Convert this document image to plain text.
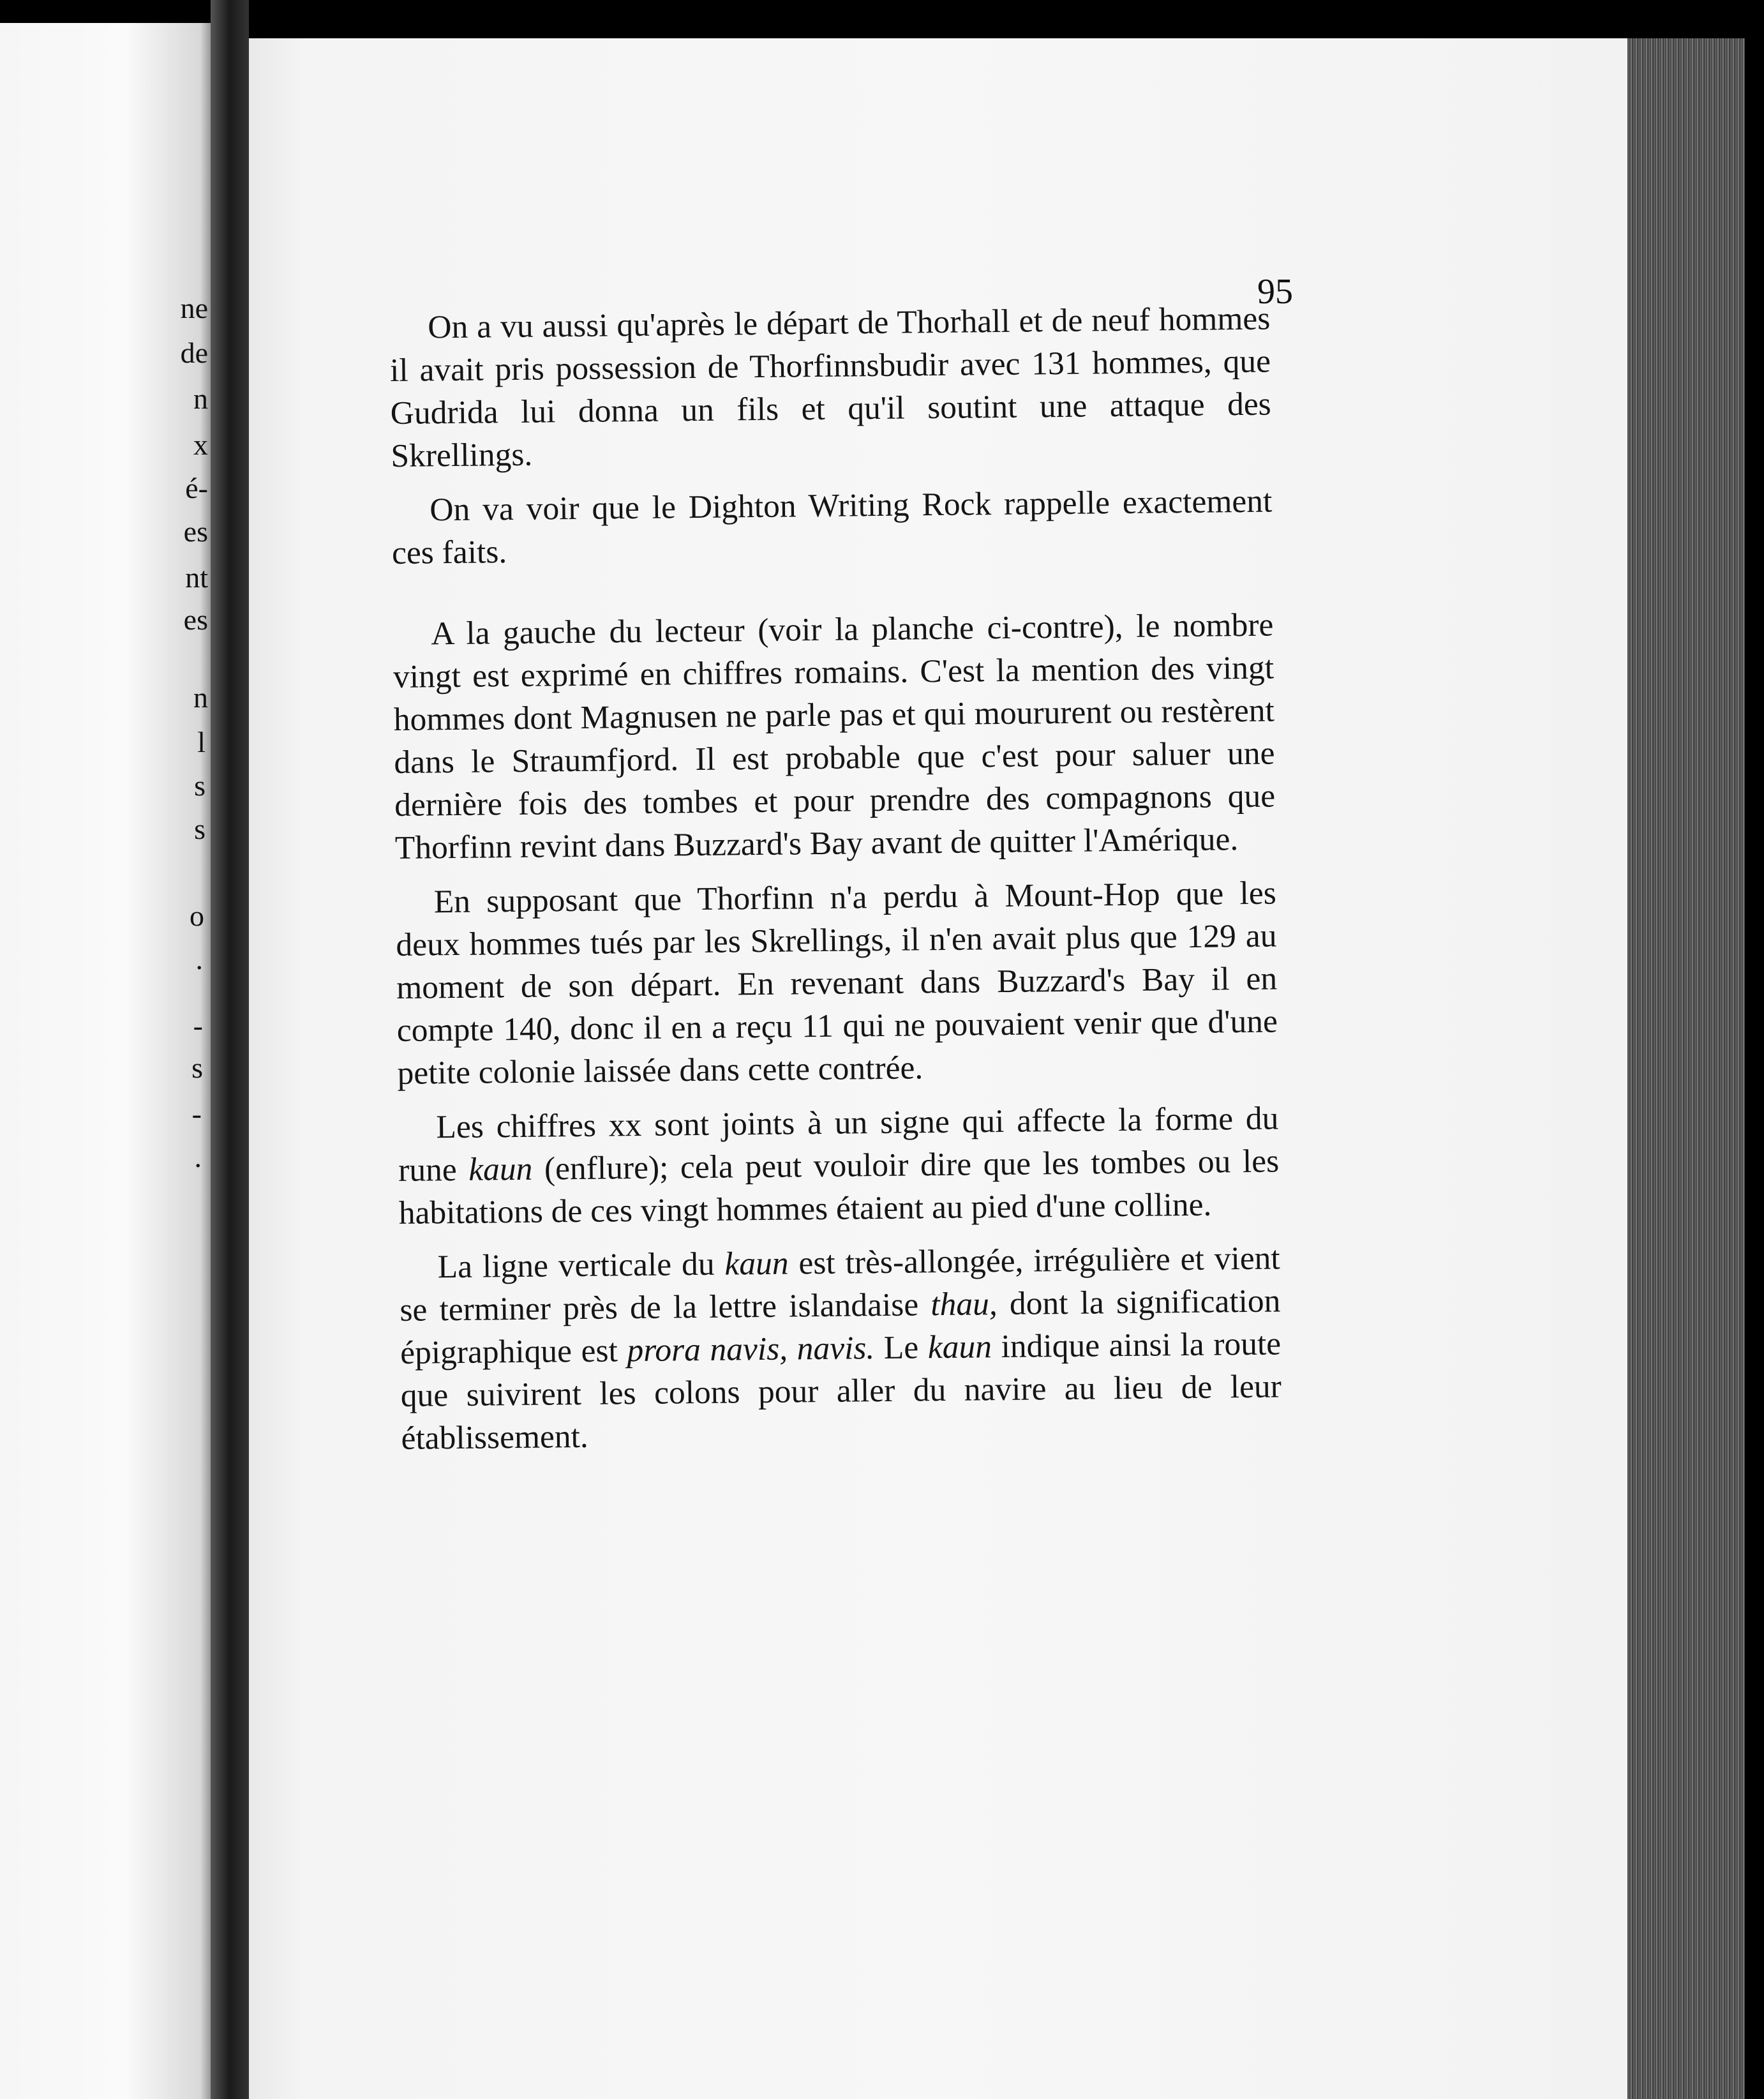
ne
de
n
x
é-
es
nt
es
n
l
s
s
o
.
-
s
-
.
95

On a vu aussi qu'après le départ de Thorhall et de neuf hommes il avait pris possession de Thorfinnsbudir avec 131 hommes, que Gudrida lui donna un fils et qu'il soutint une attaque des Skrellings.

On va voir que le Dighton Writing Rock rappelle exactement ces faits.

A la gauche du lecteur (voir la planche ci-contre), le nombre vingt est exprimé en chiffres romains. C'est la mention des vingt hommes dont Magnusen ne parle pas et qui moururent ou restèrent dans le Straumfjord. Il est probable que c'est pour saluer une dernière fois des tombes et pour prendre des compagnons que Thorfinn revint dans Buzzard's Bay avant de quitter l'Amérique.

En supposant que Thorfinn n'a perdu à Mount-Hop que les deux hommes tués par les Skrellings, il n'en avait plus que 129 au moment de son départ. En revenant dans Buzzard's Bay il en compte 140, donc il en a reçu 11 qui ne pouvaient venir que d'une petite colonie laissée dans cette contrée.

Les chiffres xx sont joints à un signe qui affecte la forme du rune kaun (enflure); cela peut vouloir dire que les tombes ou les habitations de ces vingt hommes étaient au pied d'une colline.

La ligne verticale du kaun est très-allongée, irrégulière et vient se terminer près de la lettre islandaise thau, dont la signification épigraphique est prora navis, navis. Le kaun indique ainsi la route que suivirent les colons pour aller du navire au lieu de leur établissement.
